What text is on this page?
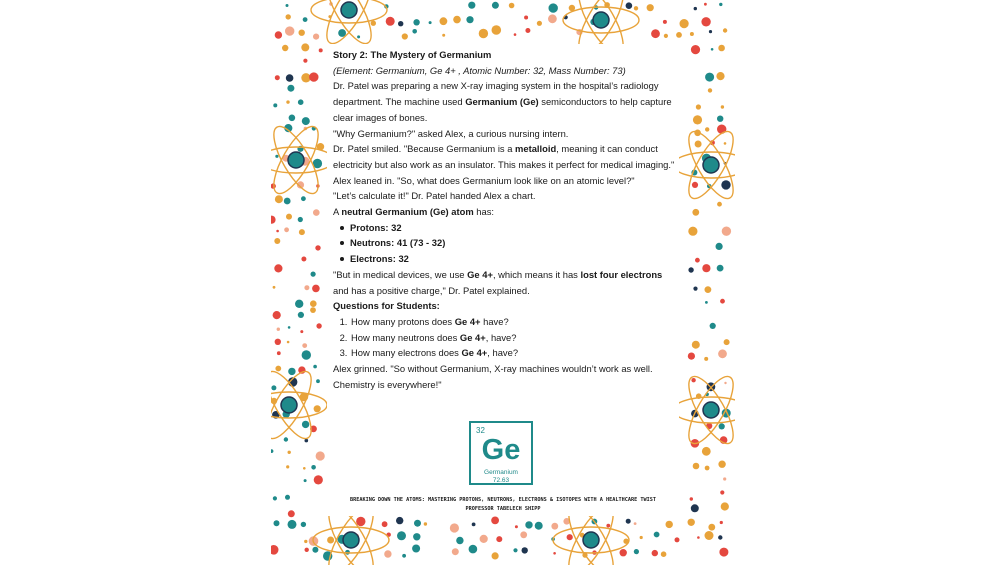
Story 2: The Mystery of Germanium

(Element: Germanium, Ge 4+ , Atomic Number: 32, Mass Number: 73)

Dr. Patel was preparing a new X-ray imaging system in the hospital’s radiology department. The machine used Germanium (Ge) semiconductors to help capture clear images of bones.

"Why Germanium?" asked Alex, a curious nursing intern.

Dr. Patel smiled. "Because Germanium is a metalloid, meaning it can conduct electricity but also work as an insulator. This makes it perfect for medical imaging."

Alex leaned in. "So, what does Germanium look like on an atomic level?"

"Let’s calculate it!" Dr. Patel handed Alex a chart.

A neutral Germanium (Ge) atom has:

Protons: 32
Neutrons: 41 (73 - 32)
Electrons: 32

"But in medical devices, we use Ge 4+, which means it has lost four electrons and has a positive charge," Dr. Patel explained.

Questions for Students:

1. How many protons does Ge 4+ have?
2. How many neutrons does Ge 4+, have?
3. How many electrons does Ge 4+, have?

Alex grinned. "So without Germanium, X-ray machines wouldn’t work as well. Chemistry is everywhere!"

32
Ge
Germanium
72.63
BREAKING DOWN THE ATOMS: MASTERING PROTONS, NEUTRONS, ELECTRONS & ISOTOPES WITH A HEALTHCARE TWIST
PROFESSOR TABELECH SHIPP
